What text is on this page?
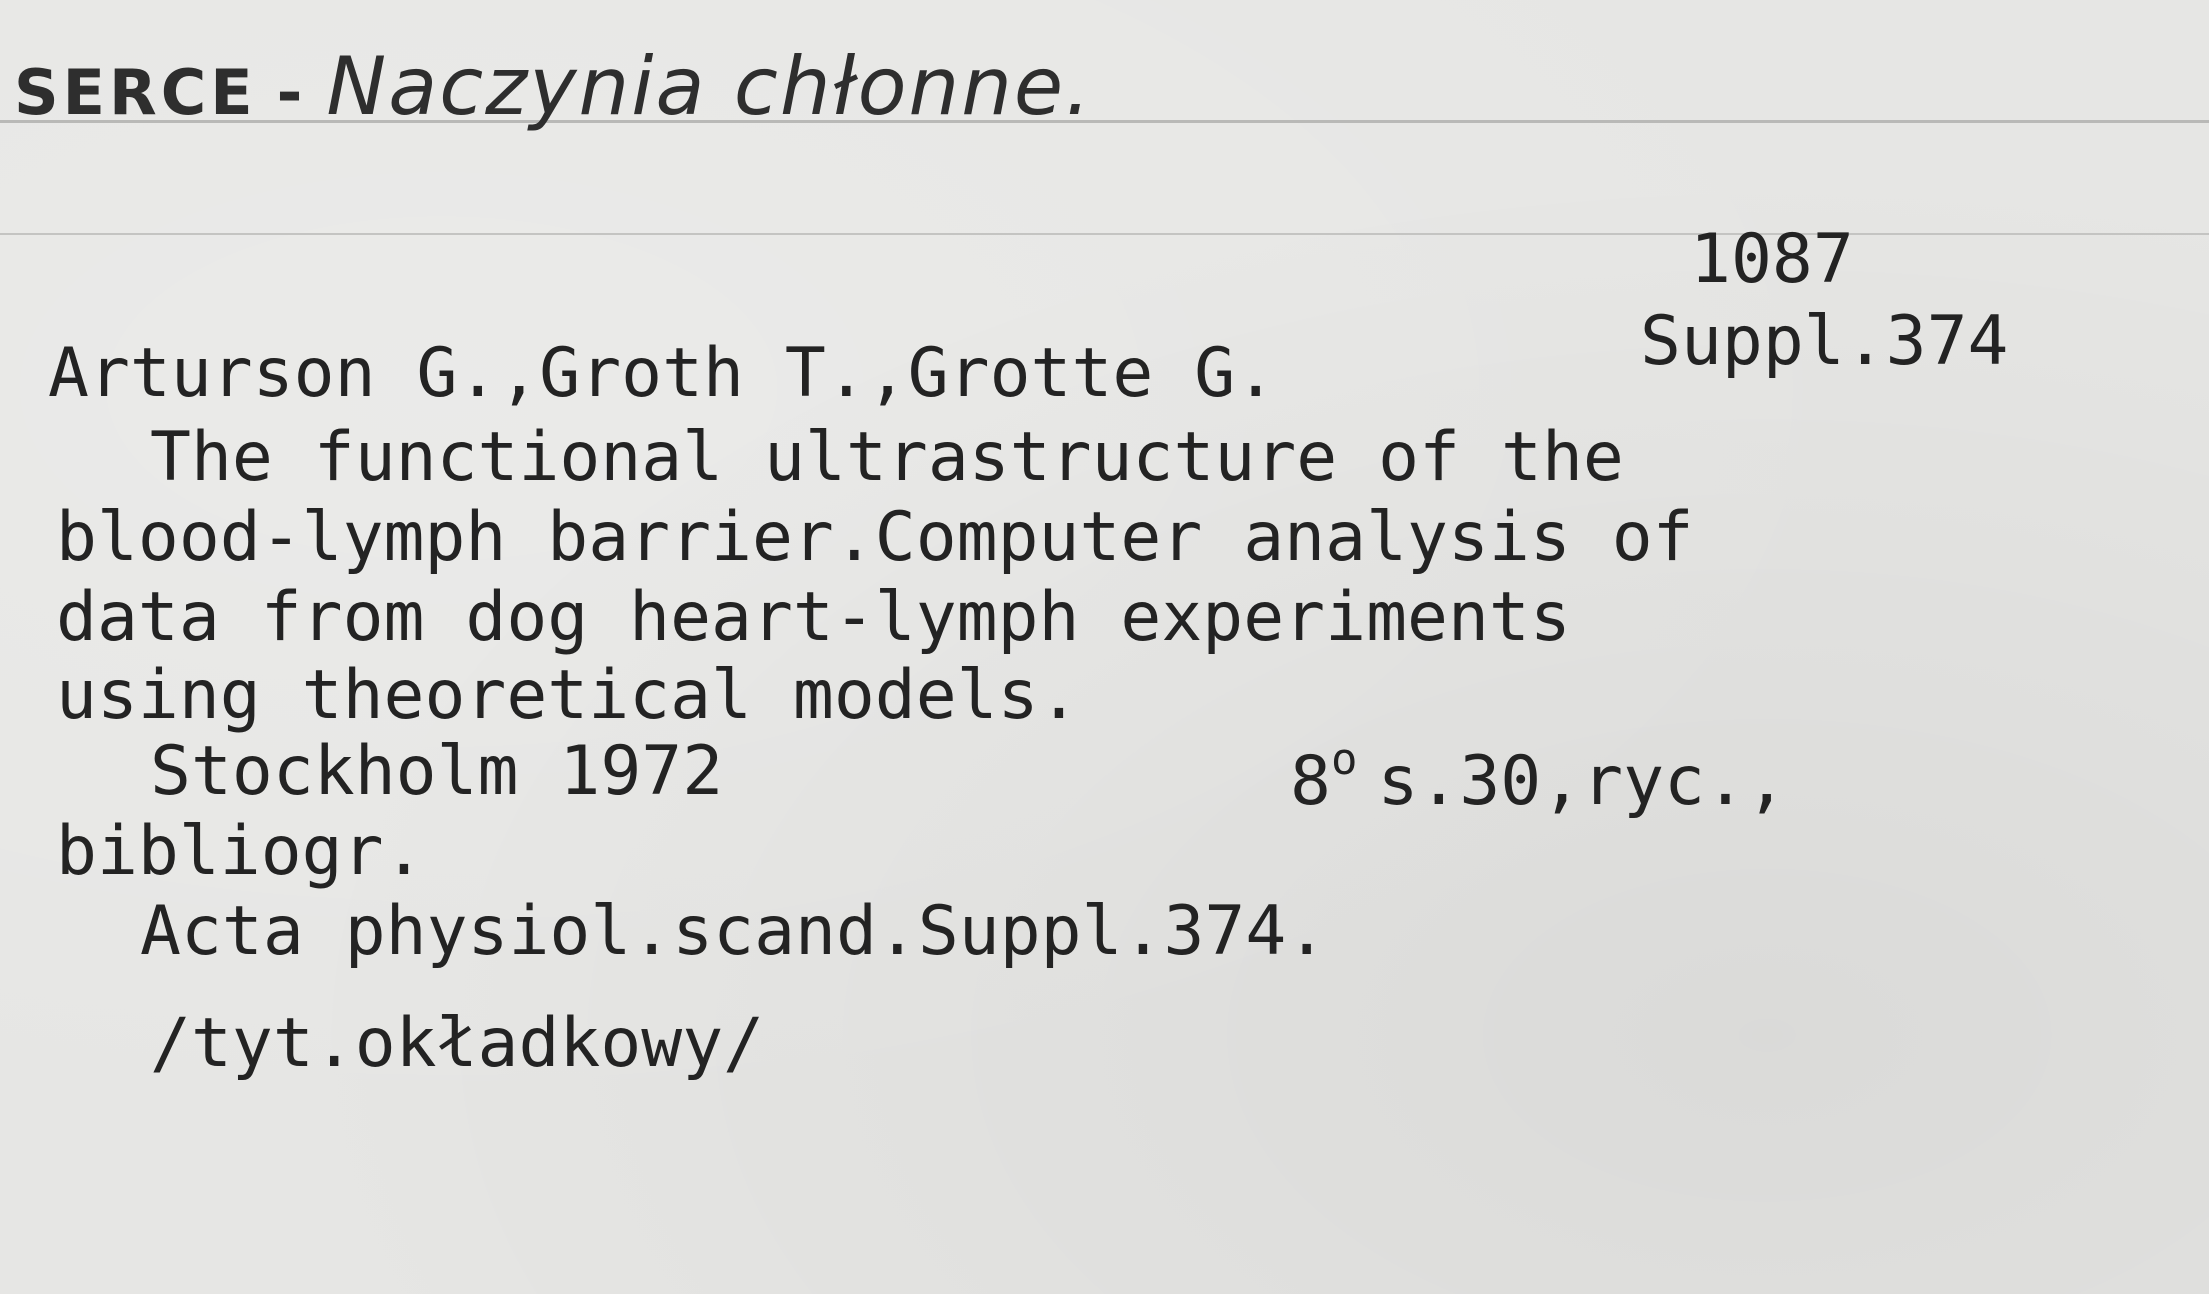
SERCE - Naczynia chłonne.
1087
Suppl.374
Arturson G.,Groth T.,Grotte G.
The functional ultrastructure of the
blood-lymph barrier.Computer analysis of
data from dog heart-lymph experiments
using theoretical models.
Stockholm 1972	8$^o$ s.30,ryc.,
bibliogr.
Acta physiol.scand.Suppl.374.
/tyt.okładkowy/
